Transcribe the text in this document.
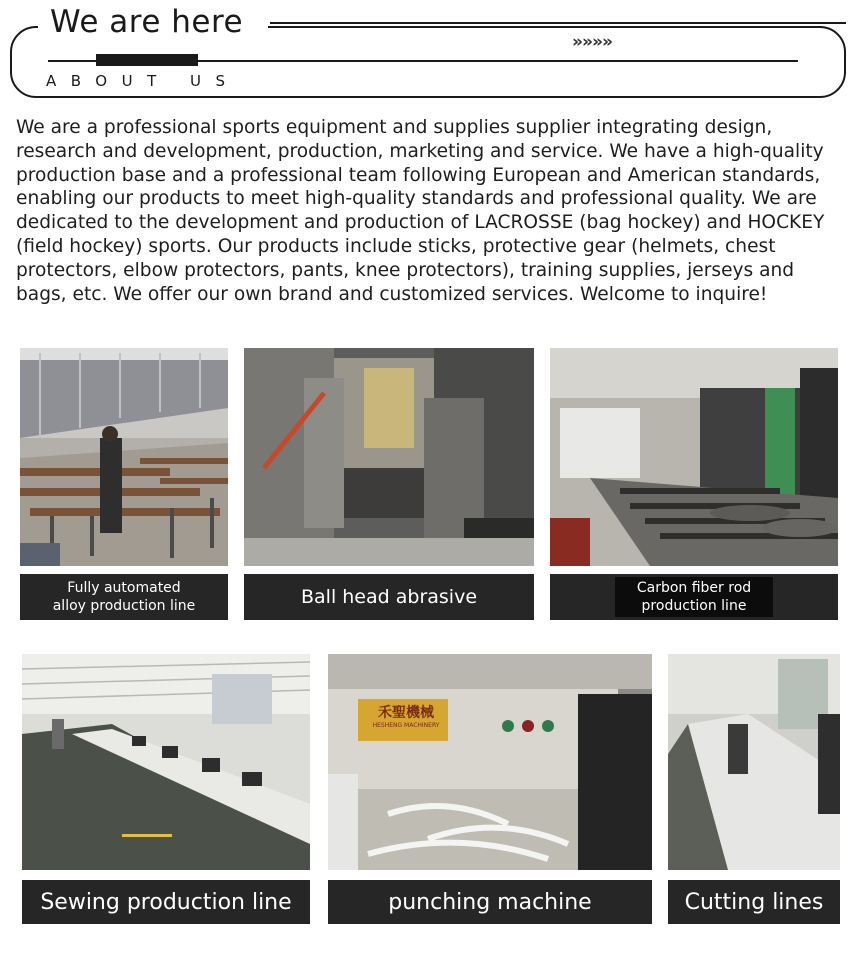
We are here
»»»»
ABOUT US

We are a professional sports equipment and supplies supplier integrating design, research and development, production, marketing and service. We have a high-quality production base and a professional team following European and American standards, enabling our products to meet high-quality standards and professional quality. We are dedicated to the development and production of LACROSSE (bag hockey) and HOCKEY (field hockey) sports. Our products include sticks, protective gear (helmets, chest protectors, elbow protectors, pants, knee protectors), training supplies, jerseys and bags, etc. We offer our own brand and customized services. Welcome to inquire!

Fully automated
alloy production line	Ball head abrasive	Carbon fiber rod
production line
Sewing production line
禾聖機械
HESHENG MACHINERY
punching machine	Cutting lines
